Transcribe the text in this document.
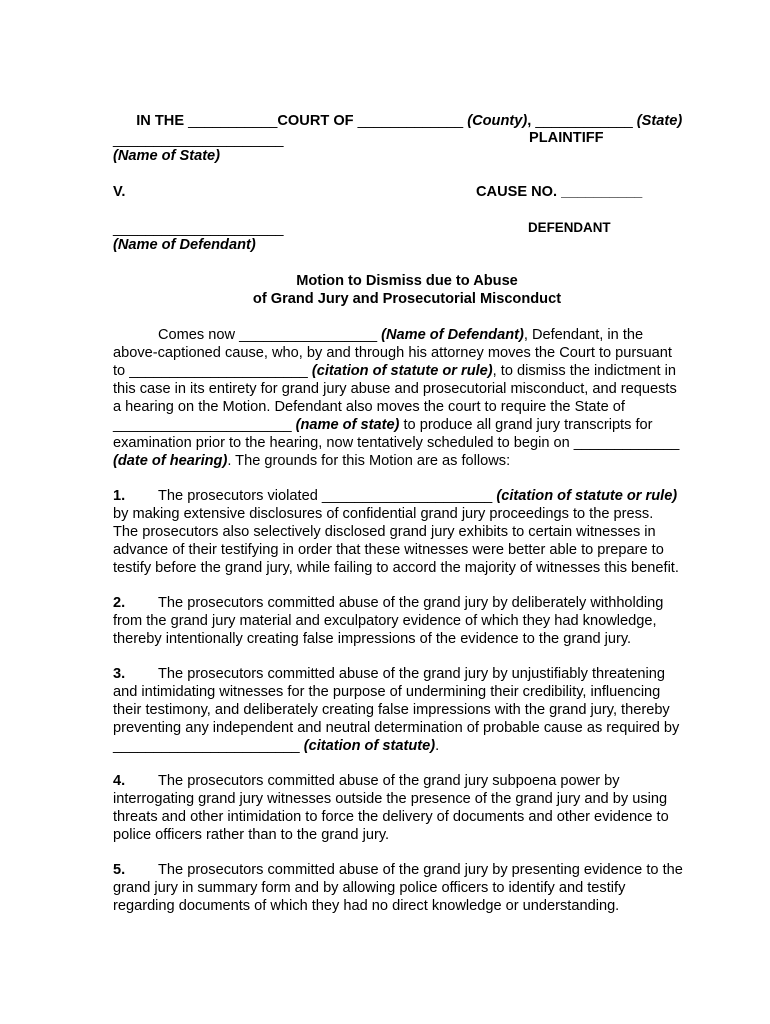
IN THE ___________COURT OF _____________ (County), ____________ (State)

_____________________	PLAINTIFF
(Name of State)
V.	CAUSE NO. __________
_____________________	DEFENDANT
(Name of Defendant)
Motion to Dismiss due to Abuse
of Grand Jury and Prosecutorial Misconduct
Comes now _________________ (Name of Defendant), Defendant, in the
above-captioned cause, who, by and through his attorney moves the Court to pursuant
to ______________________ (citation of statute or rule), to dismiss the indictment in
this case in its entirety for grand jury abuse and prosecutorial misconduct, and requests
a hearing on the Motion. Defendant also moves the court to require the State of
______________________ (name of state) to produce all grand jury transcripts for
examination prior to the hearing, now tentatively scheduled to begin on _____________
(date of hearing). The grounds for this Motion are as follows:
1. The prosecutors violated _____________________ (citation of statute or rule)
by making extensive disclosures of confidential grand jury proceedings to the press.
The prosecutors also selectively disclosed grand jury exhibits to certain witnesses in
advance of their testifying in order that these witnesses were better able to prepare to
testify before the grand jury, while failing to accord the majority of witnesses this benefit.
2. The prosecutors committed abuse of the grand jury by deliberately withholding
from the grand jury material and exculpatory evidence of which they had knowledge,
thereby intentionally creating false impressions of the evidence to the grand jury.
3. The prosecutors committed abuse of the grand jury by unjustifiably threatening
and intimidating witnesses for the purpose of undermining their credibility, influencing
their testimony, and deliberately creating false impressions with the grand jury, thereby
preventing any independent and neutral determination of probable cause as required by
_______________________ (citation of statute).
4. The prosecutors committed abuse of the grand jury subpoena power by
interrogating grand jury witnesses outside the presence of the grand jury and by using
threats and other intimidation to force the delivery of documents and other evidence to
police officers rather than to the grand jury.
5. The prosecutors committed abuse of the grand jury by presenting evidence to the
grand jury in summary form and by allowing police officers to identify and testify
regarding documents of which they had no direct knowledge or understanding.
